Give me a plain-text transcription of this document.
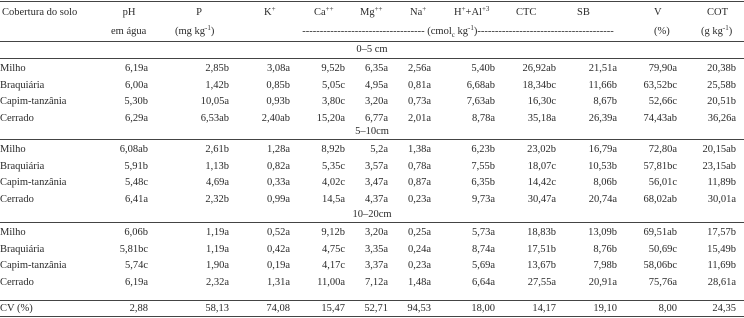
Cobertura do solo	pH	P	K+	Ca++	Mg++	Na+	$H^++Al^{+3}$	CTC	SB	V	COT
em água	(mg $kg^{-1}$)	----------------------------------- (cmol$_c$ $kg^{-1})---------------------------------------$	(%)	(g $kg^{-1}$)
0–5 cm
Milho	6,19a	2,85b	3,08a	9,52b 6,35a 2,56a	5,40b	26,92ab	21,51a	79,90a	20,38b
Braquiária	6,00a	1,42b	0,85b	5,05c 4,95a 0,81a	6,68ab	18,34bc	11,66b	63,52bc	25,58b
Capim-tanzânia	5,30b	10,05a	0,93b	3,80c 3,20a 0,73a	7,63ab	16,30c	8,67b	52,66c	20,51b
Cerrado	6,29a	6,53ab	2,40ab	15,20a 6,77a 2,01a	8,78a	35,18a	26,39a	74,43ab	36,26a
5–10cm
Milho	6,08ab	2,61b	1,28a	8,92b 5,2a 1,38a	6,23b	23,02b	16,79a	72,80a 20,15ab
Braquiária	5,91b	1,13b	0,82a	5,35c 3,57a 0,78a	7,55b	18,07c	10,53b	57,81bc 23,15ab
Capim-tanzânia	5,48c	4,69a	0,33a	4,02c 3,47a 0,87a	6,35b	14,42c	8,06b	56,01c	11,89b
Cerrado	6,41a	2,32b	0,99a	14,5a 4,37a 0,23a	9,73a	30,47a	20,74a	68,02ab	30,01a
10–20cm
Milho	6,06b	1,19a	0,52a	9,12b 3,20a 0,25a	5,73a	18,83b	13,09b	69,51ab	17,57b
Braquiária	5,81bc	1,19a	0,42a	4,75c 3,35a 0,24a	8,74a	17,51b	8,76b	50,69c	15,49b
Capim-tanzânia	5,74c	1,90a	0,19a	4,17c 3,37a 0,23a	5,69a	13,67b	7,98b	58,06bc	11,69b
Cerrado	6,19a	2,32a	1,31a	11,00a 7,12a 1,48a	6,64a	27,55a	20,91a	75,76a	28,61a
CV (%)	2,88	58,13	74,08	15,47 52,71 94,53	18,00	14,17	19,10	8,00	24,35
